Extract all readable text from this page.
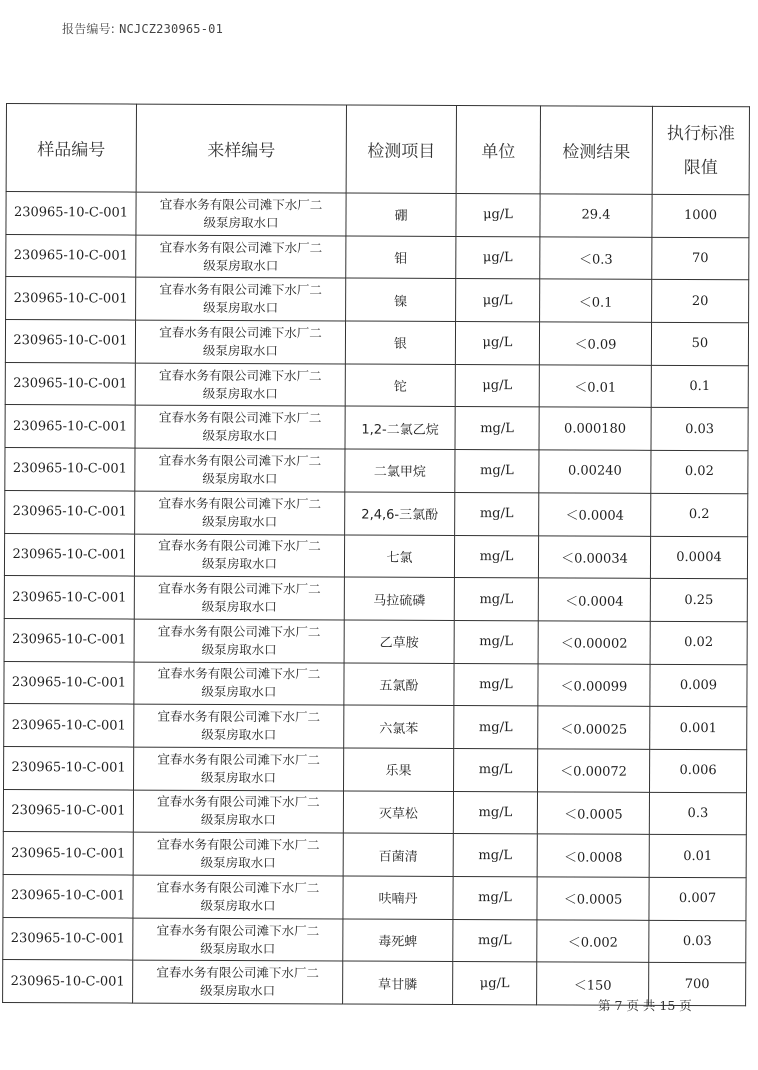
报告编号: NCJCZ230965-01
样品编号	来样编号	检测项目	单位	检测结果	执行标准
限值

230965-10-C-001	宜春水务有限公司滩下水厂二
级泵房取水口	硼	μg/L	29.4	1000

230965-10-C-001	宜春水务有限公司滩下水厂二
级泵房取水口	钼	μg/L	＜0.3	70

230965-10-C-001	宜春水务有限公司滩下水厂二
级泵房取水口	镍	μg/L	＜0.1	20

230965-10-C-001	宜春水务有限公司滩下水厂二
级泵房取水口	银	μg/L	＜0.09	50

230965-10-C-001	宜春水务有限公司滩下水厂二
级泵房取水口	铊	μg/L	＜0.01	0.1

230965-10-C-001	宜春水务有限公司滩下水厂二
级泵房取水口	1,2-二氯乙烷	mg/L	0.000180	0.03

230965-10-C-001	宜春水务有限公司滩下水厂二
级泵房取水口	二氯甲烷	mg/L	0.00240	0.02

230965-10-C-001	宜春水务有限公司滩下水厂二
级泵房取水口	2,4,6-三氯酚	mg/L	＜0.0004	0.2

230965-10-C-001	宜春水务有限公司滩下水厂二
级泵房取水口	七氯	mg/L	＜0.00034	0.0004

230965-10-C-001	宜春水务有限公司滩下水厂二
级泵房取水口	马拉硫磷	mg/L	＜0.0004	0.25

230965-10-C-001	宜春水务有限公司滩下水厂二
级泵房取水口	乙草胺	mg/L	＜0.00002	0.02

230965-10-C-001	宜春水务有限公司滩下水厂二
级泵房取水口	五氯酚	mg/L	＜0.00099	0.009

230965-10-C-001	宜春水务有限公司滩下水厂二
级泵房取水口	六氯苯	mg/L	＜0.00025	0.001

230965-10-C-001	宜春水务有限公司滩下水厂二
级泵房取水口	乐果	mg/L	＜0.00072	0.006

230965-10-C-001	宜春水务有限公司滩下水厂二
级泵房取水口	灭草松	mg/L	＜0.0005	0.3

230965-10-C-001	宜春水务有限公司滩下水厂二
级泵房取水口	百菌清	mg/L	＜0.0008	0.01

230965-10-C-001	宜春水务有限公司滩下水厂二
级泵房取水口	呋喃丹	mg/L	＜0.0005	0.007

230965-10-C-001	宜春水务有限公司滩下水厂二
级泵房取水口	毒死蜱	mg/L	＜0.002	0.03

230965-10-C-001	宜春水务有限公司滩下水厂二
级泵房取水口	草甘膦	μg/L	＜150	700
第 7 页 共 15 页
